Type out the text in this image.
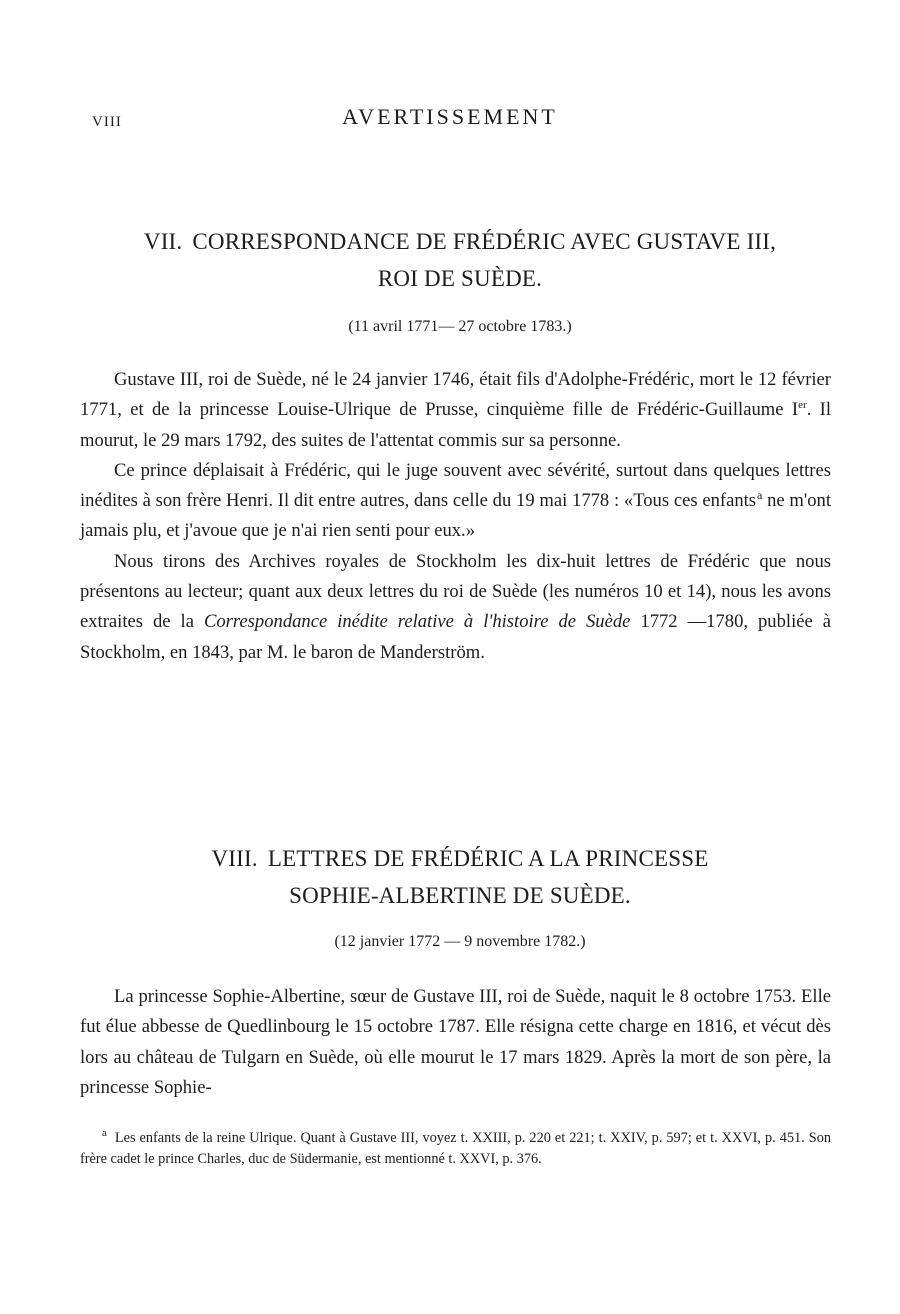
VIII	AVERTISSEMENT
VII. CORRESPONDANCE DE FRÉDÉRIC AVEC GUSTAVE III,
ROI DE SUÈDE.
(11 avril 1771— 27 octobre 1783.)

Gustave III, roi de Suède, né le 24 janvier 1746, était fils d'Adolphe-Frédéric, mort le 12 février 1771, et de la princesse Louise-Ulrique de Prusse, cinquième fille de Frédéric-Guillaume Ier. Il mourut, le 29 mars 1792, des suites de l'attentat commis sur sa personne.

Ce prince déplaisait à Frédéric, qui le juge souvent avec sévérité, surtout dans quelques lettres inédites à son frère Henri. Il dit entre autres, dans celle du 19 mai 1778 : «Tous ces enfants$^a$ ne m'ont jamais plu, et j'avoue que je n'ai rien senti pour eux.»

Nous tirons des Archives royales de Stockholm les dix-huit lettres de Frédéric que nous présentons au lecteur; quant aux deux lettres du roi de Suède (les numéros 10 et 14), nous les avons extraites de la Correspondance inédite relative à l'histoire de Suède 1772 —1780, publiée à Stockholm, en 1843, par M. le baron de Manderström.

VIII. LETTRES DE FRÉDÉRIC A LA PRINCESSE
SOPHIE-ALBERTINE DE SUÈDE.
(12 janvier 1772 — 9 novembre 1782.)

La princesse Sophie-Albertine, sœur de Gustave III, roi de Suède, naquit le 8 octobre 1753. Elle fut élue abbesse de Quedlinbourg le 15 octobre 1787. Elle résigna cette charge en 1816, et vécut dès lors au château de Tulgarn en Suède, où elle mourut le 17 mars 1829. Après la mort de son père, la princesse Sophie-

$^a$ Les enfants de la reine Ulrique. Quant à Gustave III, voyez t. XXIII, p. 220 et 221; t. XXIV, p. 597; et t. XXVI, p. 451. Son frère cadet le prince Charles, duc de Südermanie, est mentionné t. XXVI, p. 376.
